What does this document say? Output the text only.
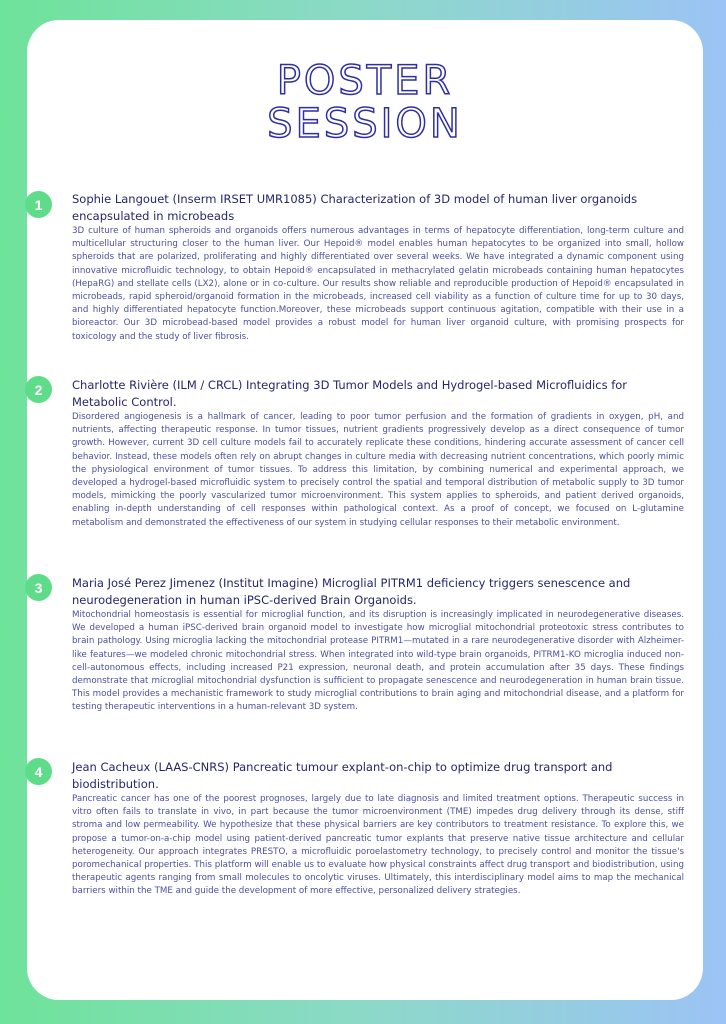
POSTER
SESSION
1	Sophie Langouet (Inserm IRSET UMR1085) Characterization of 3D model of human liver organoids encapsulated in microbeads

3D culture of human spheroids and organoids offers numerous advantages in terms of hepatocyte differentiation, long-term culture and multicellular structuring closer to the human liver. Our Hepoid® model enables human hepatocytes to be organized into small, hollow spheroids that are polarized, proliferating and highly differentiated over several weeks. We have integrated a dynamic component using innovative microfluidic technology, to obtain Hepoid® encapsulated in methacrylated gelatin microbeads containing human hepatocytes (HepaRG) and stellate cells (LX2), alone or in co-culture. Our results show reliable and reproducible production of Hepoid® encapsulated in microbeads, rapid spheroid/organoid formation in the microbeads, increased cell viability as a function of culture time for up to 30 days, and highly differentiated hepatocyte function.Moreover, these microbeads support continuous agitation, compatible with their use in a bioreactor. Our 3D microbead-based model provides a robust model for human liver organoid culture, with promising prospects for toxicology and the study of liver fibrosis.

2	Charlotte Rivière (ILM / CRCL) Integrating 3D Tumor Models and Hydrogel-based Microfluidics for Metabolic Control.

Disordered angiogenesis is a hallmark of cancer, leading to poor tumor perfusion and the formation of gradients in oxygen, pH, and nutrients, affecting therapeutic response. In tumor tissues, nutrient gradients progressively develop as a direct consequence of tumor growth. However, current 3D cell culture models fail to accurately replicate these conditions, hindering accurate assessment of cancer cell behavior. Instead, these models often rely on abrupt changes in culture media with decreasing nutrient concentrations, which poorly mimic the physiological environment of tumor tissues. To address this limitation, by combining numerical and experimental approach, we developed a hydrogel-based microfluidic system to precisely control the spatial and temporal distribution of metabolic supply to 3D tumor models, mimicking the poorly vascularized tumor microenvironment. This system applies to spheroids, and patient derived organoids, enabling in-depth understanding of cell responses within pathological context. As a proof of concept, we focused on L-glutamine metabolism and demonstrated the effectiveness of our system in studying cellular responses to their metabolic environment.

3	Maria José Perez Jimenez (Institut Imagine) Microglial PITRM1 deficiency triggers senescence and neurodegeneration in human iPSC-derived Brain Organoids.

Mitochondrial homeostasis is essential for microglial function, and its disruption is increasingly implicated in neurodegenerative diseases. We developed a human iPSC-derived brain organoid model to investigate how microglial mitochondrial proteotoxic stress contributes to brain pathology. Using microglia lacking the mitochondrial protease PITRM1—mutated in a rare neurodegenerative disorder with Alzheimer-like features—we modeled chronic mitochondrial stress. When integrated into wild-type brain organoids, PITRM1-KO microglia induced non-cell-autonomous effects, including increased P21 expression, neuronal death, and protein accumulation after 35 days. These findings demonstrate that microglial mitochondrial dysfunction is sufficient to propagate senescence and neurodegeneration in human brain tissue. This model provides a mechanistic framework to study microglial contributions to brain aging and mitochondrial disease, and a platform for testing therapeutic interventions in a human-relevant 3D system.

4	Jean Cacheux (LAAS-CNRS) Pancreatic tumour explant-on-chip to optimize drug transport and biodistribution.

Pancreatic cancer has one of the poorest prognoses, largely due to late diagnosis and limited treatment options. Therapeutic success in vitro often fails to translate in vivo, in part because the tumor microenvironment (TME) impedes drug delivery through its dense, stiff stroma and low permeability. We hypothesize that these physical barriers are key contributors to treatment resistance. To explore this, we propose a tumor-on-a-chip model using patient-derived pancreatic tumor explants that preserve native tissue architecture and cellular heterogeneity. Our approach integrates PRESTO, a microfluidic poroelastometry technology, to precisely control and monitor the tissue's poromechanical properties. This platform will enable us to evaluate how physical constraints affect drug transport and biodistribution, using therapeutic agents ranging from small molecules to oncolytic viruses. Ultimately, this interdisciplinary model aims to map the mechanical barriers within the TME and guide the development of more effective, personalized delivery strategies.
